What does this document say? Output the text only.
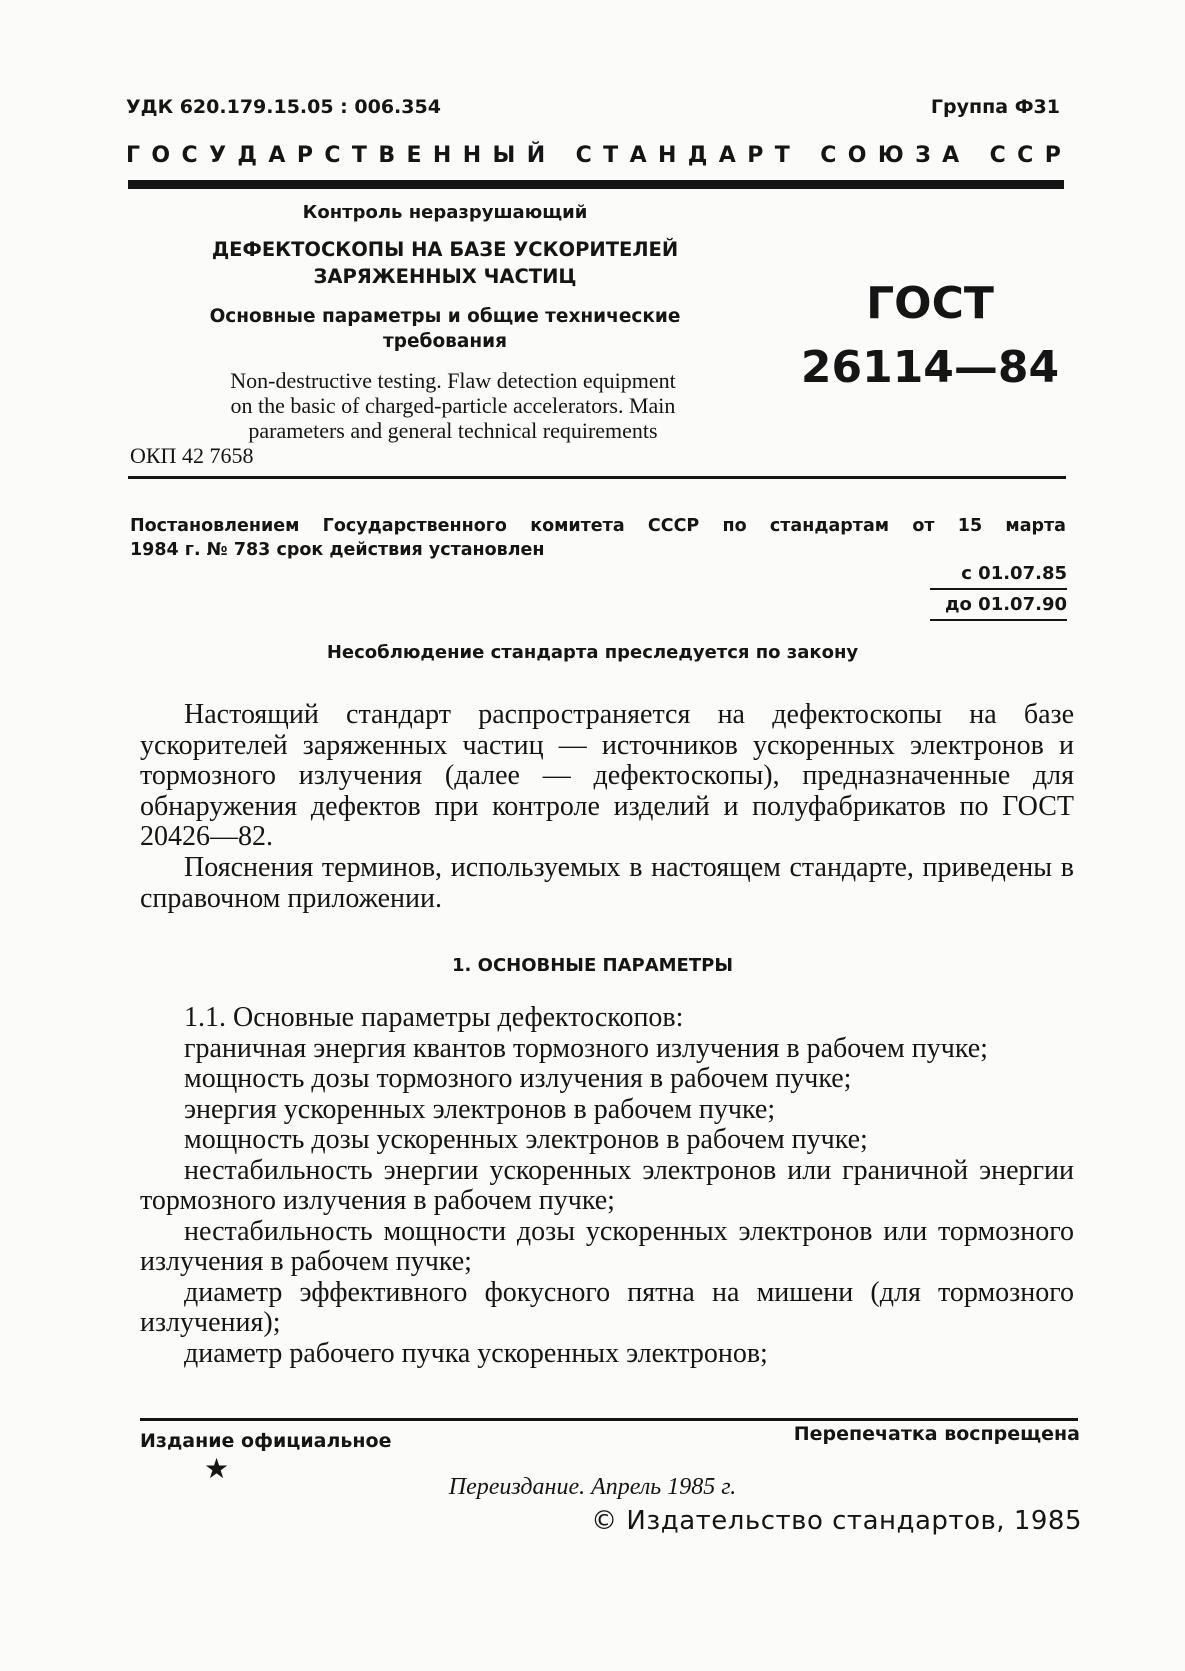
УДК 620.179.15.05 : 006.354	Группа Ф31
ГОСУДАРСТВЕННЫЙ СТАНДАРТ СОЮЗА ССР
Контроль неразрушающий
ДЕФЕКТОСКОПЫ НА БАЗЕ УСКОРИТЕЛЕЙ
ЗАРЯЖЕННЫХ ЧАСТИЦ
Основные параметры и общие технические
требования
Non-destructive testing. Flaw detection equipment
on the basic of charged-particle accelerators. Main
parameters and general technical requirements
ОКП 42 7658
ГОСТ
26114—84
Постановлением Государственного комитета СССР по стандартам от 15 марта
1984 г. № 783 срок действия установлен
с 01.07.85
до 01.07.90
Несоблюдение стандарта преследуется по закону
Настоящий стандарт распространяется на дефектоскопы на базе ускорителей заряженных частиц — источников ускоренных электронов и тормозного излучения (далее — дефектоскопы), предназначенные для обнаружения дефектов при контроле изделий и полуфабрикатов по ГОСТ 20426—82.
Пояснения терминов, используемых в настоящем стандарте, приведены в справочном приложении.
1. ОСНОВНЫЕ ПАРАМЕТРЫ

1.1. Основные параметры дефектоскопов:

граничная энергия квантов тормозного излучения в рабочем пучке;

мощность дозы тормозного излучения в рабочем пучке;

энергия ускоренных электронов в рабочем пучке;

мощность дозы ускоренных электронов в рабочем пучке;

нестабильность энергии ускоренных электронов или граничной энергии тормозного излучения в рабочем пучке;

нестабильность мощности дозы ускоренных электронов или тормозного излучения в рабочем пучке;

диаметр эффективного фокусного пятна на мишени (для тормозного излучения);

диаметр рабочего пучка ускоренных электронов;

Издание официальное	Перепечатка воспрещена
★
Переиздание. Апрель 1985 г.
© Издательство стандартов, 1985
